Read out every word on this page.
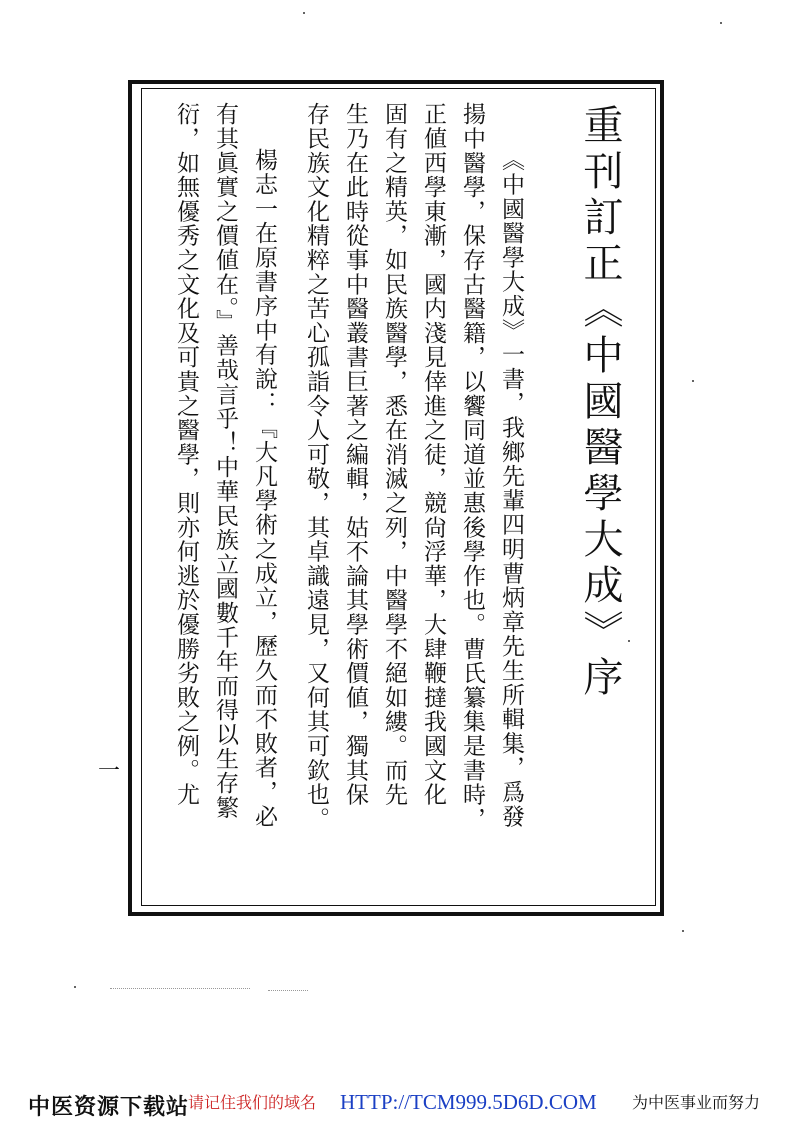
重刊訂正《中國醫學大成》序
《中國醫學大成》一書，我鄉先輩四明曹炳章先生所輯集，爲發
揚中醫學，保存古醫籍，以饗同道並惠後學作也。曹氏纂集是書時，
正値西學東漸，國内淺見倖進之徒，競尙浮華，大肆鞭撻我國文化
固有之精英，如民族醫學，悉在消滅之列，中醫學不絕如縷。而先
生乃在此時從事中醫叢書巨著之編輯，姑不論其學術價値，獨其保
存民族文化精粹之苦心孤詣令人可敬，其卓識遠見，又何其可欽也。
楊志一在原書序中有說：『大凡學術之成立，歷久而不敗者，必
有其眞實之價値在。』善哉言乎！中華民族立國數千年而得以生存繁
衍，如無優秀之文化及可貴之醫學，則亦何逃於優勝劣敗之例。尤
一
中医资源下载站
请记住我们的域名 HTTP://TCM999.5D6D.COM 为中医事业而努力
